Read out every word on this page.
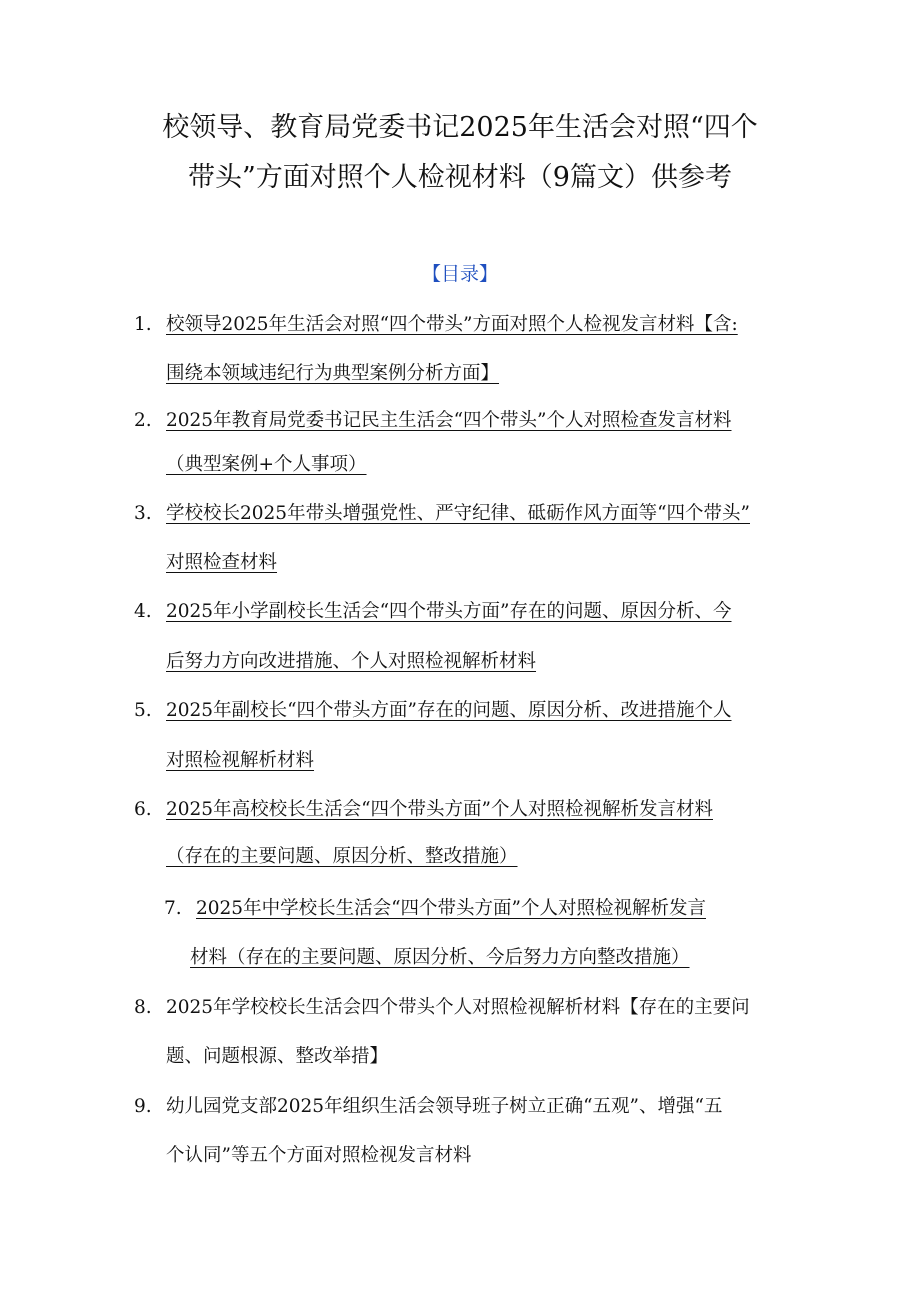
校领导、教育局党委书记2025年生活会对照“四个
带头”方面对照个人检视材料（9篇文）供参考
【目录】
1. 校领导2025年生活会对照“四个带头”方面对照个人检视发言材料【含:
围绕本领域违纪行为典型案例分析方面】
2. 2025年教育局党委书记民主生活会“四个带头”个人对照检查发言材料
（典型案例+个人事项）
3. 学校校长2025年带头增强党性、严守纪律、砥砺作风方面等“四个带头”
对照检查材料
4. 2025年小学副校长生活会“四个带头方面”存在的问题、原因分析、今
后努力方向改进措施、个人对照检视解析材料
5. 2025年副校长“四个带头方面”存在的问题、原因分析、改进措施个人
对照检视解析材料
6. 2025年高校校长生活会“四个带头方面”个人对照检视解析发言材料
（存在的主要问题、原因分析、整改措施）
7. 2025年中学校长生活会“四个带头方面”个人对照检视解析发言
材料（存在的主要问题、原因分析、今后努力方向整改措施）
8. 2025年学校校长生活会四个带头个人对照检视解析材料【存在的主要问
题、问题根源、整改举措】
9. 幼儿园党支部2025年组织生活会领导班子树立正确“五观”、增强“五
个认同”等五个方面对照检视发言材料
